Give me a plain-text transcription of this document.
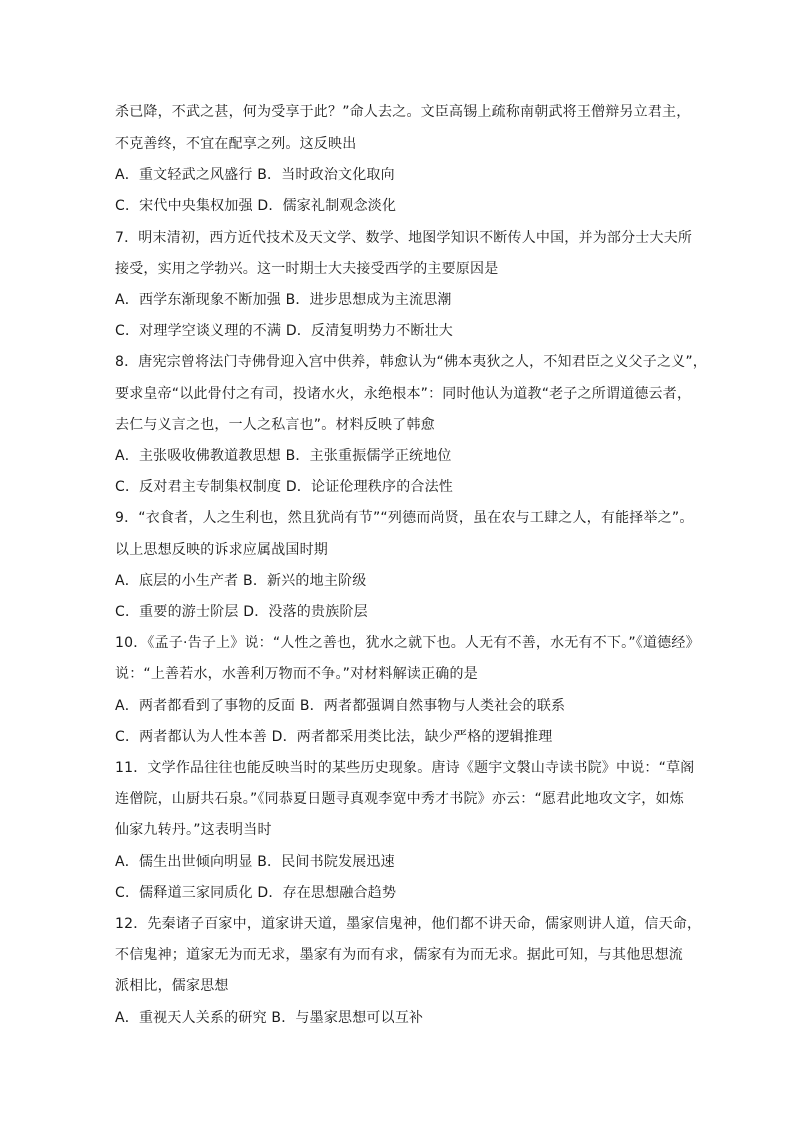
杀已降，不武之甚，何为受享于此？”命人去之。文臣高锡上疏称南朝武将王僧辩另立君主，
不克善终，不宜在配享之列。这反映出
A．重文轻武之风盛行 B．当时政治文化取向
C．宋代中央集权加强 D．儒家礼制观念淡化
7．明末清初，西方近代技术及天文学、数学、地图学知识不断传人中国，并为部分士大夫所
接受，实用之学勃兴。这一时期士大夫接受西学的主要原因是
A．西学东渐现象不断加强 B．进步思想成为主流思潮
C．对理学空谈义理的不满 D．反清复明势力不断壮大
8．唐宪宗曾将法门寺佛骨迎入宫中供养，韩愈认为“佛本夷狄之人，不知君臣之义父子之义”，
要求皇帝“以此骨付之有司，投诸水火，永绝根本”：同时他认为道教“老子之所谓道德云者，
去仁与义言之也，一人之私言也”。材料反映了韩愈
A．主张吸收佛教道教思想 B．主张重振儒学正统地位
C．反对君主专制集权制度 D．论证伦理秩序的合法性
9．“衣食者，人之生利也，然且犹尚有节”“列德而尚贤，虽在农与工肆之人，有能择举之”。
以上思想反映的诉求应属战国时期
A．底层的小生产者 B．新兴的地主阶级
C．重要的游士阶层 D．没落的贵族阶层
10．《孟子·告子上》说：“人性之善也，犹水之就下也。人无有不善，水无有不下。”《道德经》
说：“上善若水，水善利万物而不争。”对材料解读正确的是
A．两者都看到了事物的反面 B．两者都强调自然事物与人类社会的联系
C．两者都认为人性本善 D．两者都采用类比法，缺少严格的逻辑推理
11．文学作品往往也能反映当时的某些历史现象。唐诗《题宇文褩山寺读书院》中说：“草阁
连僧院，山厨共石泉。”《同恭夏日题寻真观李宽中秀才书院》亦云：“愿君此地攻文字，如炼
仙家九转丹。”这表明当时
A．儒生出世倾向明显 B．民间书院发展迅速
C．儒释道三家同质化 D．存在思想融合趋势
12．先秦诸子百家中，道家讲天道，墨家信鬼神，他们都不讲天命，儒家则讲人道，信天命，
不信鬼神；道家无为而无求，墨家有为而有求，儒家有为而无求。据此可知，与其他思想流
派相比，儒家思想
A．重视天人关系的研究 B．与墨家思想可以互补
